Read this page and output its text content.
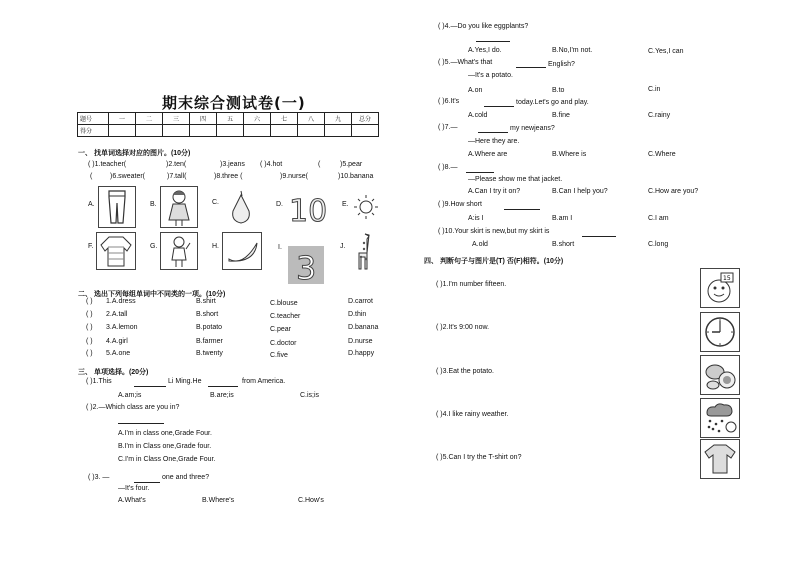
期末综合测试卷(一)
题号	一	二	三	四	五	六	七	八	九	总分
得分										
一、 找单词选择对应的图片。(10分)
( )1.teacher(	)2.ten(	)3.jeans ( )4.hot	(	)5.pear
(	)6.sweater(	)7.tall(	)8.three (	)9.nurse(	)10.banana
A.	B.	C.	D. 10 E.
F.	G.	H.	I.
3
J.
二、 选出下列每组单词中不同类的一项。(10分)
( ) 1.A.dress	B.shirt	C.blouse	D.carrot
( ) 2.A.tall	B.short	C.teacher	D.thin
( ) 3.A.lemon	B.potato	C.pear	D.banana
( ) 4.A.girl	B.farmer	C.doctor	D.nurse
( ) 5.A.one	B.twenty	C.five	D.happy
三、 单项选择。(20分)
( )1.This	Li Ming.He	from America.
A.am;is	B.are;is	C.is;is
( )2.—Which class are you in?
A.I'm in class one,Grade Four.
B.I'm in Class one,Grade four.
C.I'm in Class One,Grade Four.
( )3. —	one and three?
—It's four.
A.What's	B.Where's	C.How's
( )4.—Do you like eggplants?
A.Yes,I do.	B.No,I'm not.	C.Yes,I can
( )5.—What's that	English?
—It's a potato.
A.on	B.to	C.in
( )6.It's	today.Let's go and play.
A.cold	B.fine	C.rainy
( )7.—	my newjeans?
—Here they are.
A.Where are	B.Where is	C.Where
( )8.—
—Please show me that jacket.
A.Can I try it on?	B.Can I help you?	C.How are you?
( )9.How short
A:is I	B.am I	C.I am
( )10.Your skirt is new,but my skirt is
A.old	B.short	C.long
四、 判断句子与图片是(T) 否(F)相符。(10分)
( )1.I'm number fifteen.
( )2.It's 9:00 now.
( )3.Eat the potato.
( )4.I like rainy weather.
( )5.Can I try the T-shirt on?
15
